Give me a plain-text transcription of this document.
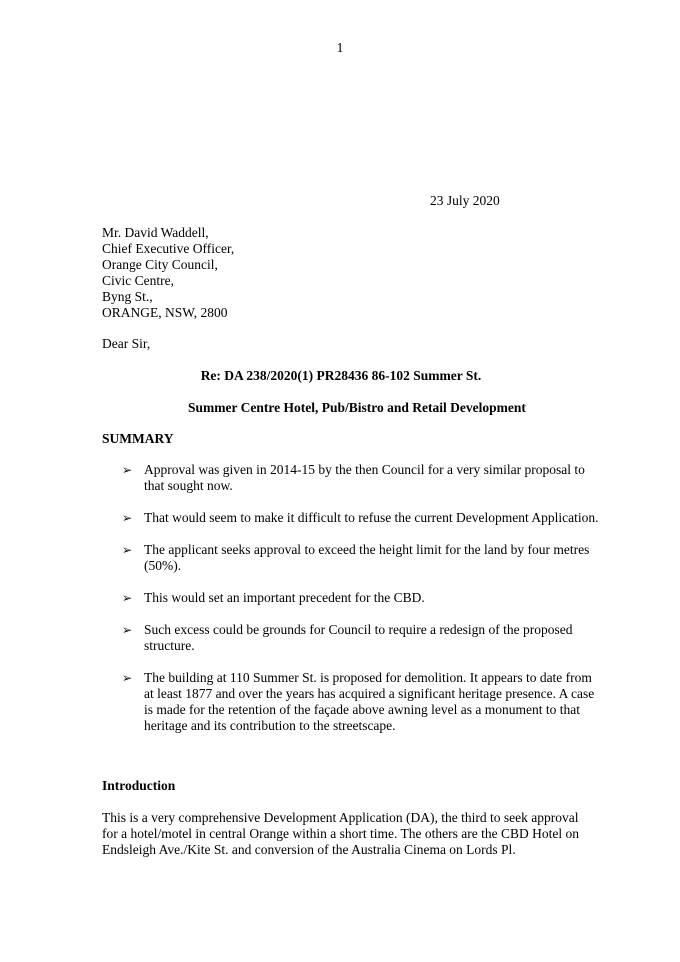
1
23 July 2020
Mr. David Waddell,
Chief Executive Officer,
Orange City Council,
Civic Centre,
Byng St.,
ORANGE, NSW, 2800
Dear Sir,
Re: DA 238/2020(1) PR28436 86-102 Summer St.
Summer Centre Hotel, Pub/Bistro and Retail Development
SUMMARY
➢ Approval was given in 2014-15 by the then Council for a very similar proposal to that sought now.
➢ That would seem to make it difficult to refuse the current Development Application.
➢ The applicant seeks approval to exceed the height limit for the land by four metres (50%).
➢ This would set an important precedent for the CBD.
➢ Such excess could be grounds for Council to require a redesign of the proposed structure.
➢ The building at 110 Summer St. is proposed for demolition. It appears to date from at least 1877 and over the years has acquired a significant heritage presence. A case is made for the retention of the façade above awning level as a monument to that heritage and its contribution to the streetscape.
Introduction
This is a very comprehensive Development Application (DA), the third to seek approval for a hotel/motel in central Orange within a short time. The others are the CBD Hotel on Endsleigh Ave./Kite St. and conversion of the Australia Cinema on Lords Pl.
